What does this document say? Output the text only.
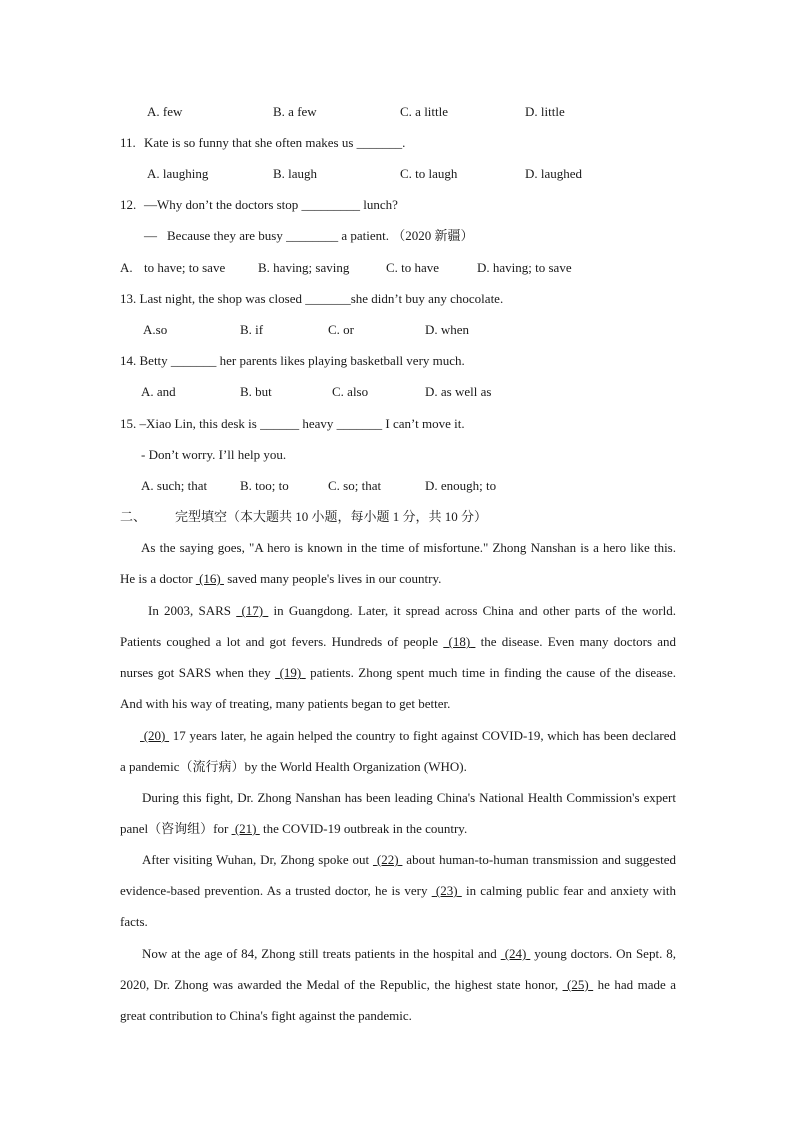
A. few	B. a few	C. a little	D. little
11. Kate is so funny that she often makes us _______.
A. laughing	B. laugh	C. to laugh	D. laughed
12. —Why don’t the doctors stop _________ lunch?
— Because they are busy ________ a patient. （2020 新疆）
A. to have; to save	B. having; saving	C. to have	D. having; to save
13. Last night, the shop was closed _______she didn’t buy any chocolate.
A.so	B. if	C. or	D. when
14. Betty _______ her parents likes playing basketball very much.
A. and	B. but	C. also	D. as well as
15. –Xiao Lin, this desk is ______ heavy _______ I can’t move it.
- Don’t worry. I’ll help you.
A. such; that	B. too; to	C. so; that	D. enough; to
二、 完型填空（本大题共 10 小题，每小题 1 分，共 10 分）

As the saying goes, "A hero is known in the time of misfortune." Zhong Nanshan is a hero like this. He is a doctor  (16)  saved many people's lives in our country.

In 2003, SARS  (17)  in Guangdong. Later, it spread across China and other parts of the world. Patients coughed a lot and got fevers. Hundreds of people  (18)  the disease. Even many doctors and nurses got SARS when they  (19)  patients. Zhong spent much time in finding the cause of the disease. And with his way of treating, many patients began to get better.

(20)  17 years later, he again helped the country to fight against COVID-19, which has been declared a pandemic（流行病）by the World Health Organization (WHO).

During this fight, Dr. Zhong Nanshan has been leading China's National Health Commission's expert panel（咨询组）for  (21)  the COVID-19 outbreak in the country.

After visiting Wuhan, Dr, Zhong spoke out  (22)  about human-to-human transmission and suggested evidence-based prevention. As a trusted doctor, he is very  (23)  in calming public fear and anxiety with facts.

Now at the age of 84, Zhong still treats patients in the hospital and  (24)  young doctors. On Sept. 8, 2020, Dr. Zhong was awarded the Medal of the Republic, the highest state honor,  (25)  he had made a great contribution to China's fight against the pandemic.
